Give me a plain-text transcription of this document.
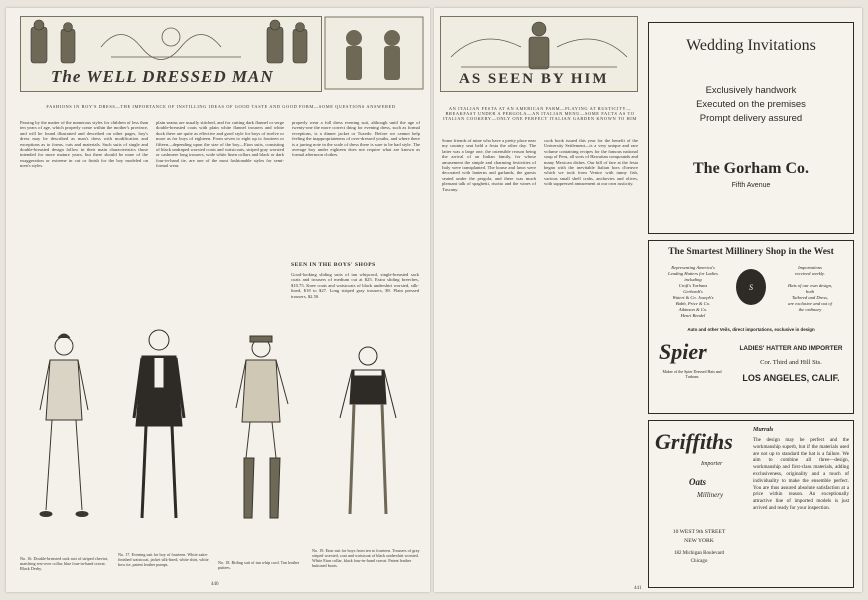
The WELL DRESSED MAN
FASHIONS IN BOY'S DRESS—THE IMPORTANCE OF INSTILLING IDEAS OF GOOD TASTE AND GOOD FORM—SOME QUESTIONS ANSWERED
Passing by the matter of the numerous styles for children of less than ten years of age, which properly come within the mother's province, and will be found illustrated and described on other pages, boy's dress may be described as man's dress with modification and exceptions as to forms, cuts and materials. Such suits of single and double-breasted design follow in their main characteristics those intended for more mature years, but there should be none of the exaggeration or extreme in cut or finish for the boy modeled on men's styles.
plain seams are usually stitched, and for cutting dark flannel or serge double-breasted coats with plain white flannel trousers and white duck there are quite as effective and good style for boys of twelve or more as for boys of eighteen. From seven to eight up to fourteen or fifteen—depending upon the size of the boy—Eton suits, consisting of black undraped worsted coats and waistcoats, striped gray worsted or cashmere long trousers, wide white linen collars and black or dark four-in-hand tie, are one of the most fashionable styles for semi-formal wear.
properly wear a full dress evening suit, although until the age of twenty-one the more correct thing for evening dress, such as formal receptions, is a dinner jacket or Tuxedo. Before we cannot help feeling the inappropriateness of over-dressed youths, and where there is a jarring note in the scale of dress there is sure to be bad style. The average boy under eighteen does not require what are known as formal afternoon clothes.
SEEN IN THE BOYS' SHOPS
Good-looking sliding suits of tan whipcord, single-breasted sack coats and trousers of medium cut at $25. Extra sliding breeches, $10.75. Knee coats and waistcoats of black undershirt worsted, silk-lined, $18 to $27. Long striped gray trousers, $9. Plain pressed trousers, $2.50.
No. 16. Double-breasted sack suit of striped cheviot, matching rest-over collar, blue four-in-hand cravat. Black Derby.
No. 17. Evening suit for boy of fourteen. White satin-finished waistcoat, jacket silk-lined, white shirt, white bow tie, patent leather pumps.	No. 18. Riding suit of tan whip cord. Tan leather puttees.
No. 19. Eton suit for boys from ten to fourteen. Trousers of gray striped worsted, coat and waistcoat of black undershirt worsted. White Eton collar, black four-in-hand cravat. Patent leather buttoned boots.
440
AS SEEN BY HIM
AN ITALIAN FESTA AT AN AMERICAN FARM—PLAYING AT RUSTICITY—BREAKFAST UNDER A PERGOLA—AN ITALIAN MENU—SOME FACTS AS TO ITALIAN COOKERY—ONLY ONE PERFECT ITALIAN GARDEN KNOWN TO HIM
Some friends of mine who have a pretty place near my country seat held a festa the other day. The latter was a large one, the ostensible reason being the arrival of an Italian family, for whose amusement the simple and charming festivities of Italy were transplanted. The house and lawn were decorated with lanterns and garlands, the guests seated under the pergola, and there was much pleasant talk of spaghetti, risotto and the wines of Tuscany.
cook book issued this year for the benefit of the University Settlement—is a very unique and rare volume containing recipes for the famous national soup of Peru, all sorts of Hawaiian compounds and many Mexican dishes. Our bill of fare at the festa began with the inevitable Italian hors d'oeuvre which we took from Venice with tunny fish, various small shell crabs, anchovies and olives, with suppressed amusement at our own rusticity.
441
Wedding Invitations
Exclusively handwork
Executed on the premises
Prompt delivery assured
The Gorham Co.
Fifth Avenue
The Smartest Millinery Shop in the West
Representing America's
Leading Hatters for Ladies
including
Croft's Turbans
Gerhardt's
Watert & Co. Joseph's
Babb, Price & Co.
Atkinson & Co.
Henri Bendel
S
Importations
received weekly.
Hats of our own design,
both
Tailored and Dress,
are exclusive and out of
the ordinary
Auto and other Veils, direct importations, exclusive in design
Spier
Maker of the Spier Dressed Hats and Turbans
LADIES' HATTER AND IMPORTER
Cor. Third and Hill Sts.
LOS ANGELES, CALIF.
Griffiths
Importer
Oats
Millinery
10 WEST 9th STREET
NEW YORK
182 Michigan Boulevard
Chicago
Murrals
The design may be perfect and the workmanship superb, but if the materials used are not up to standard the hat is a failure. We aim to combine all three—design, workmanship and first-class materials, adding exclusiveness, originality and a touch of individuality to make the ensemble perfect. You are thus assured absolute satisfaction at a price within reason. An exceptionally attractive line of imported models is just arrived and ready for your inspection.
